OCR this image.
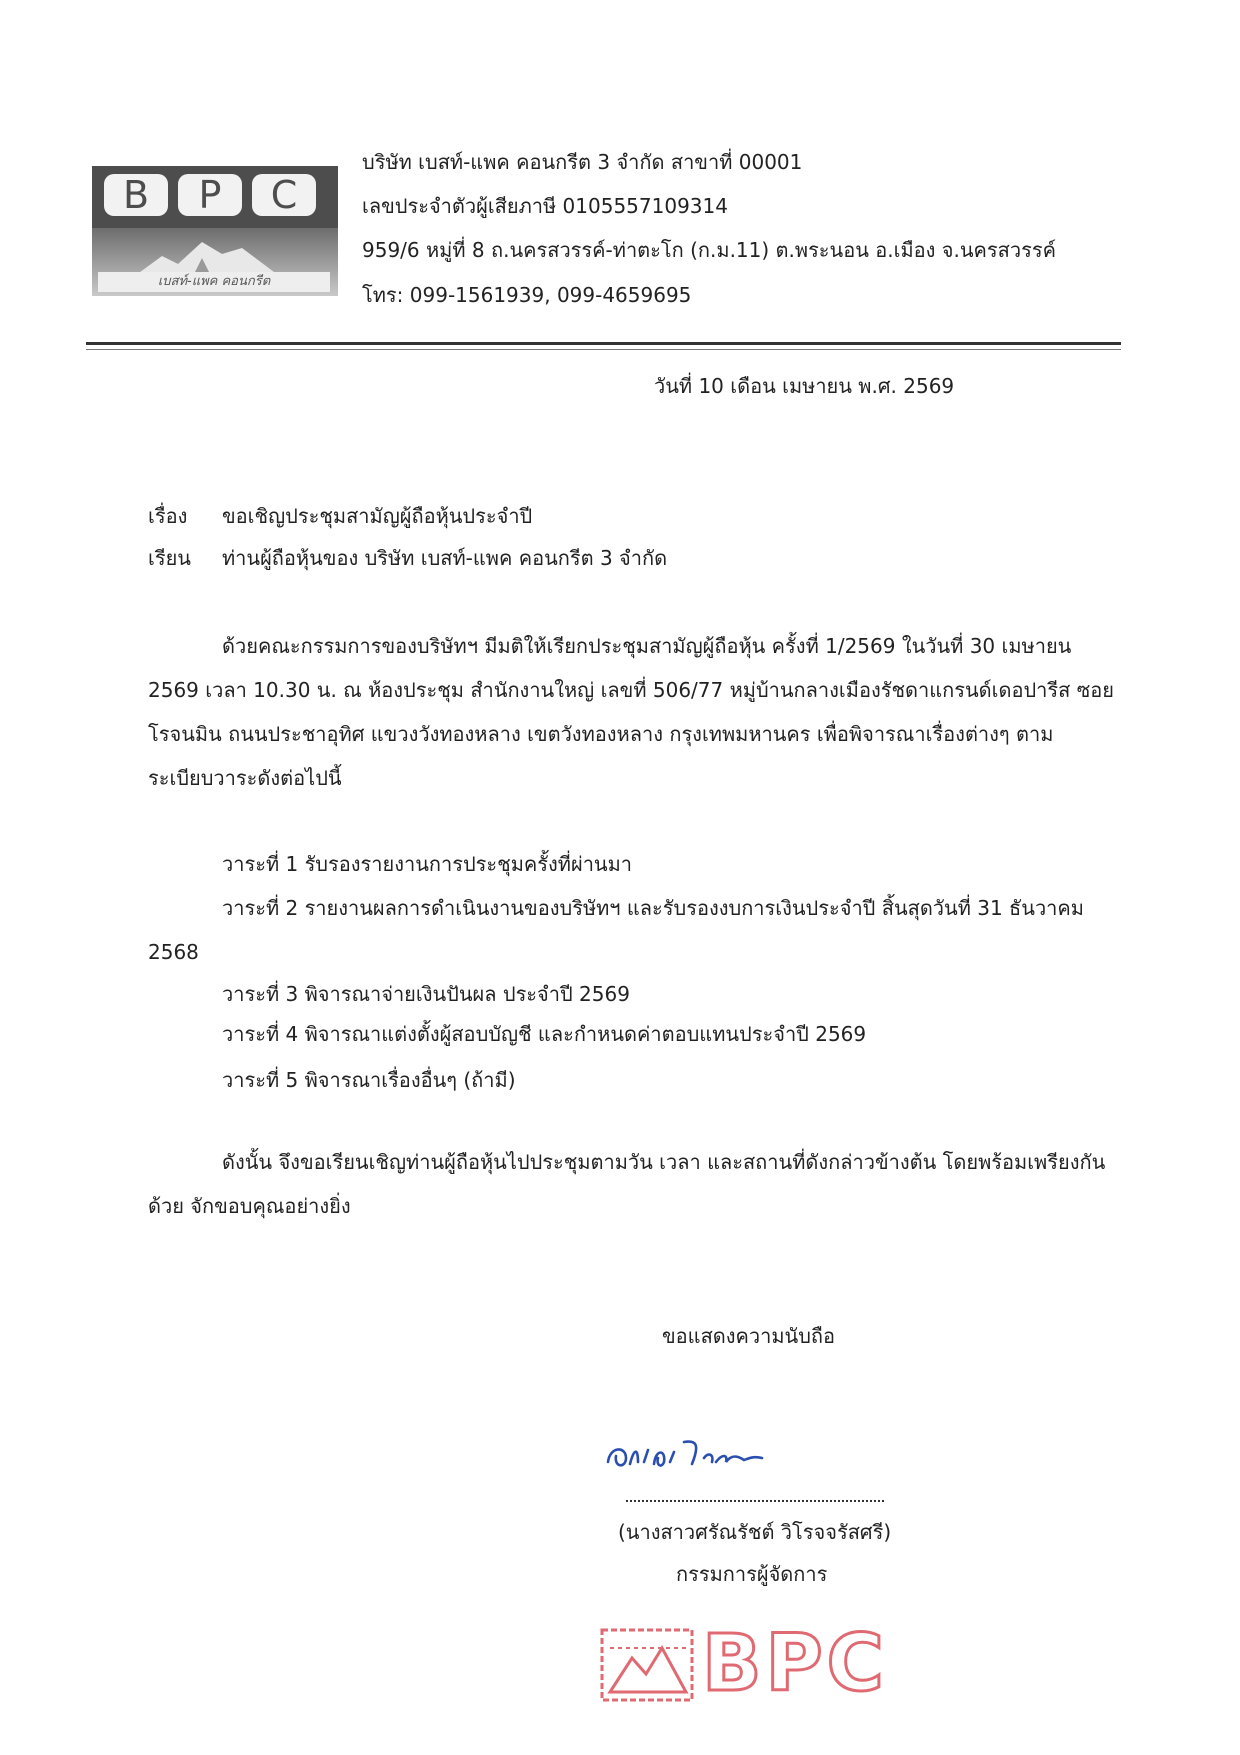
B P C
เบสท์-แพค คอนกรีต
บริษัท เบสท์-แพค คอนกรีต 3 จำกัด สาขาที่ 00001
เลขประจำตัวผู้เสียภาษี 0105557109314
959/6 หมู่ที่ 8 ถ.นครสวรรค์-ท่าตะโก (ก.ม.11) ต.พระนอน อ.เมือง จ.นครสวรรค์
โทร: 099-1561939, 099-4659695
วันที่ 10 เดือน เมษายน พ.ศ. 2569
เรื่อง ขอเชิญประชุมสามัญผู้ถือหุ้นประจำปี
เรียน ท่านผู้ถือหุ้นของ บริษัท เบสท์-แพค คอนกรีต 3 จำกัด
ด้วยคณะกรรมการของบริษัทฯ มีมติให้เรียกประชุมสามัญผู้ถือหุ้น ครั้งที่ 1/2569 ในวันที่ 30 เมษายน
2569 เวลา 10.30 น. ณ ห้องประชุม สำนักงานใหญ่ เลขที่ 506/77 หมู่บ้านกลางเมืองรัชดาแกรนด์เดอปารีส ซอย
โรจนมิน ถนนประชาอุทิศ แขวงวังทองหลาง เขตวังทองหลาง กรุงเทพมหานคร เพื่อพิจารณาเรื่องต่างๆ ตาม
ระเบียบวาระดังต่อไปนี้
วาระที่ 1 รับรองรายงานการประชุมครั้งที่ผ่านมา
วาระที่ 2 รายงานผลการดำเนินงานของบริษัทฯ และรับรองงบการเงินประจำปี สิ้นสุดวันที่ 31 ธันวาคม
2568
วาระที่ 3 พิจารณาจ่ายเงินปันผล ประจำปี 2569
วาระที่ 4 พิจารณาแต่งตั้งผู้สอบบัญชี และกำหนดค่าตอบแทนประจำปี 2569
วาระที่ 5 พิจารณาเรื่องอื่นๆ (ถ้ามี)
ดังนั้น จึงขอเรียนเชิญท่านผู้ถือหุ้นไปประชุมตามวัน เวลา และสถานที่ดังกล่าวข้างต้น โดยพร้อมเพรียงกัน
ด้วย จักขอบคุณอย่างยิ่ง
ขอแสดงความนับถือ
(นางสาวศรัณรัชต์ วิโรจจรัสศรี)
กรรมการผู้จัดการ
BPC
